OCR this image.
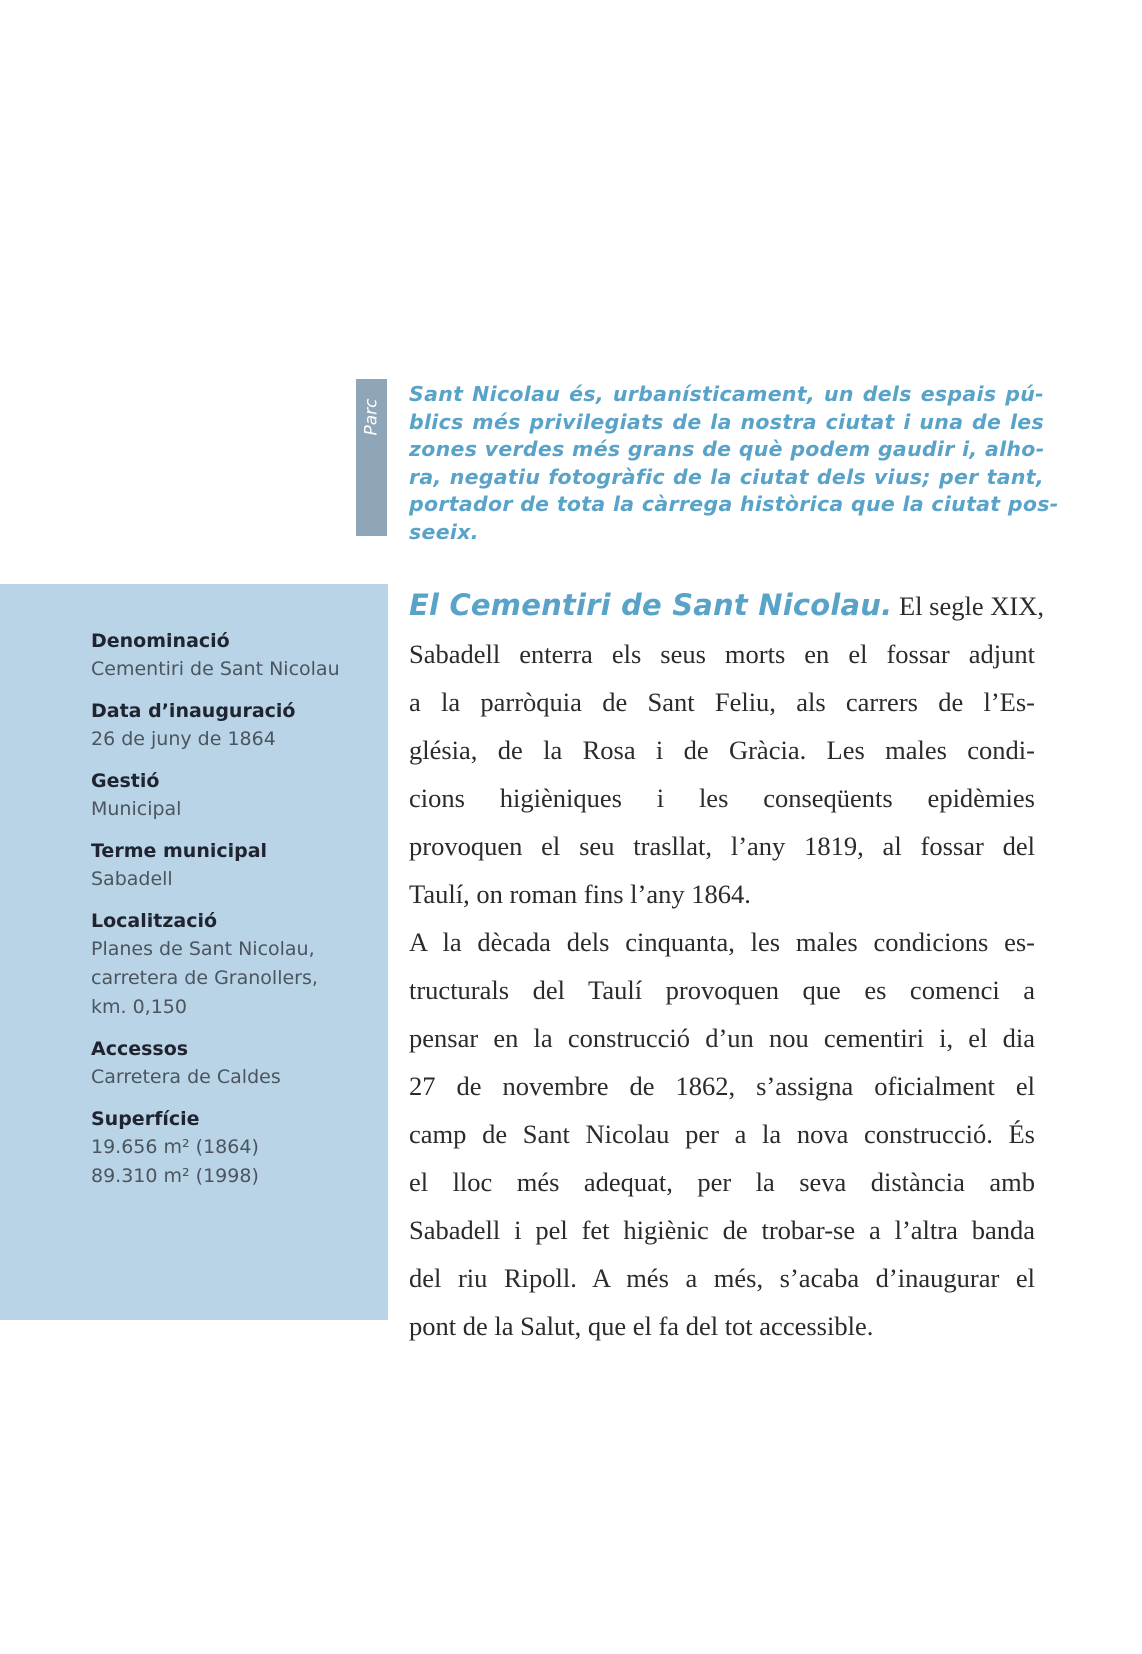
Parc
Sant Nicolau és, urbanísticament, un dels espais pú-
blics més privilegiats de la nostra ciutat i una de les
zones verdes més grans de què podem gaudir i, alho-
ra, negatiu fotogràfic de la ciutat dels vius; per tant,
portador de tota la càrrega històrica que la ciutat pos-
seeix.
Denominació
Cementiri de Sant Nicolau
Data d’inauguració
26 de juny de 1864
Gestió
Municipal
Terme municipal
Sabadell
Localització
Planes de Sant Nicolau,
carretera de Granollers,
km. 0,150
Accessos
Carretera de Caldes
Superfície
19.656 m² (1864)
89.310 m² (1998)
El Cementiri de Sant Nicolau. El segle XIX,
Sabadell enterra els seus morts en el fossar adjunt
a la parròquia de Sant Feliu, als carrers de l’Es-
glésia, de la Rosa i de Gràcia. Les males condi-
cions higièniques i les conseqüents epidèmies
provoquen el seu trasllat, l’any 1819, al fossar del
Taulí, on roman fins l’any 1864.
A la dècada dels cinquanta, les males condicions es-
tructurals del Taulí provoquen que es comenci a
pensar en la construcció d’un nou cementiri i, el dia
27 de novembre de 1862, s’assigna oficialment el
camp de Sant Nicolau per a la nova construcció. És
el lloc més adequat, per la seva distància amb
Sabadell i pel fet higiènic de trobar-se a l’altra banda
del riu Ripoll. A més a més, s’acaba d’inaugurar el
pont de la Salut, que el fa del tot accessible.
